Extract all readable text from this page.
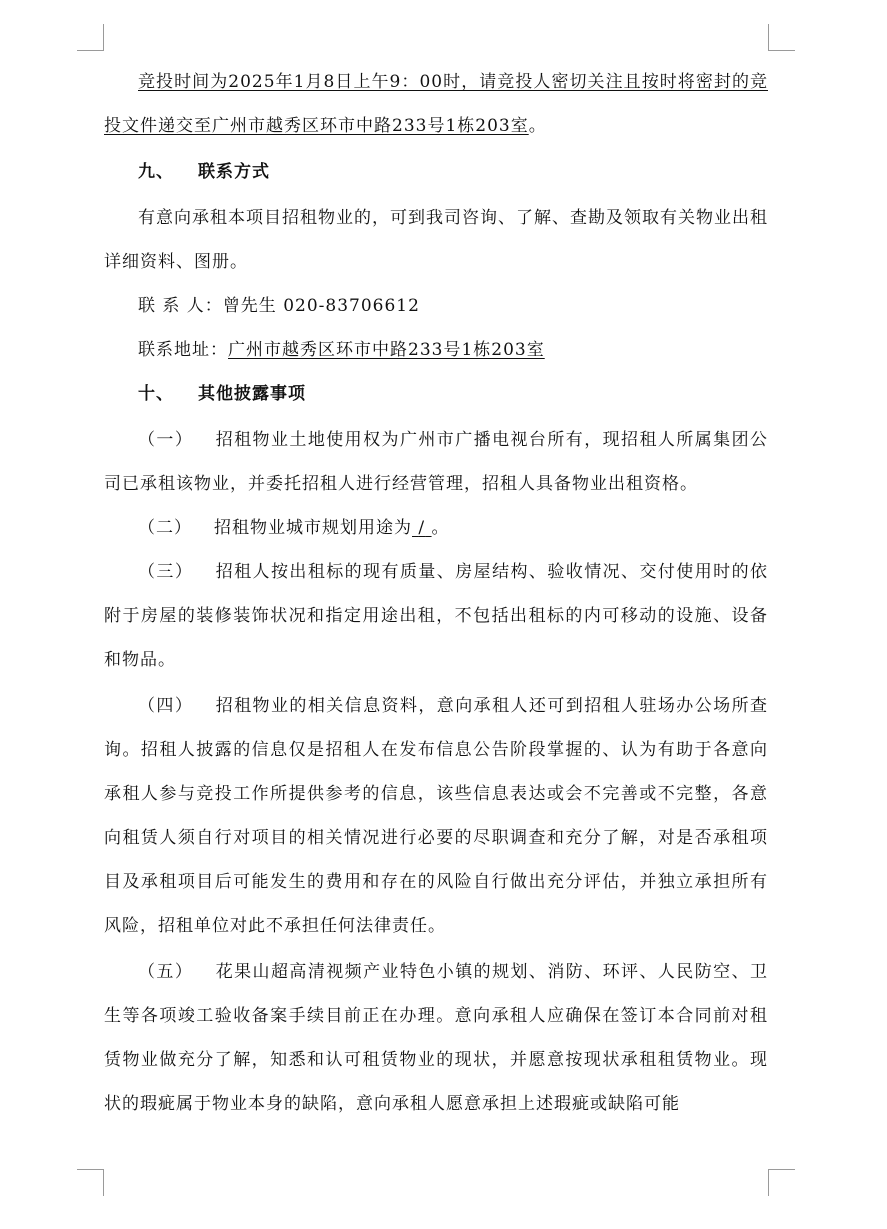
竞投时间为2025年1月8日上午9：00时，请竞投人密切关注且按时将密封的竞投文件递交至广州市越秀区环市中路233号1栋203室。

九、 联系方式

有意向承租本项目招租物业的，可到我司咨询、了解、查勘及领取有关物业出租详细资料、图册。

联 系 人：曾先生 020-83706612

联系地址：广州市越秀区环市中路233号1栋203室

十、 其他披露事项

（一） 招租物业土地使用权为广州市广播电视台所有，现招租人所属集团公司已承租该物业，并委托招租人进行经营管理，招租人具备物业出租资格。

（二） 招租物业城市规划用途为 / 。

（三） 招租人按出租标的现有质量、房屋结构、验收情况、交付使用时的依附于房屋的装修装饰状况和指定用途出租，不包括出租标的内可移动的设施、设备和物品。

（四） 招租物业的相关信息资料，意向承租人还可到招租人驻场办公场所查询。招租人披露的信息仅是招租人在发布信息公告阶段掌握的、认为有助于各意向承租人参与竞投工作所提供参考的信息，该些信息表达或会不完善或不完整，各意向租赁人须自行对项目的相关情况进行必要的尽职调查和充分了解，对是否承租项目及承租项目后可能发生的费用和存在的风险自行做出充分评估，并独立承担所有风险，招租单位对此不承担任何法律责任。

（五） 花果山超高清视频产业特色小镇的规划、消防、环评、人民防空、卫生等各项竣工验收备案手续目前正在办理。意向承租人应确保在签订本合同前对租赁物业做充分了解，知悉和认可租赁物业的现状，并愿意按现状承租租赁物业。现状的瑕疵属于物业本身的缺陷，意向承租人愿意承担上述瑕疵或缺陷可能
